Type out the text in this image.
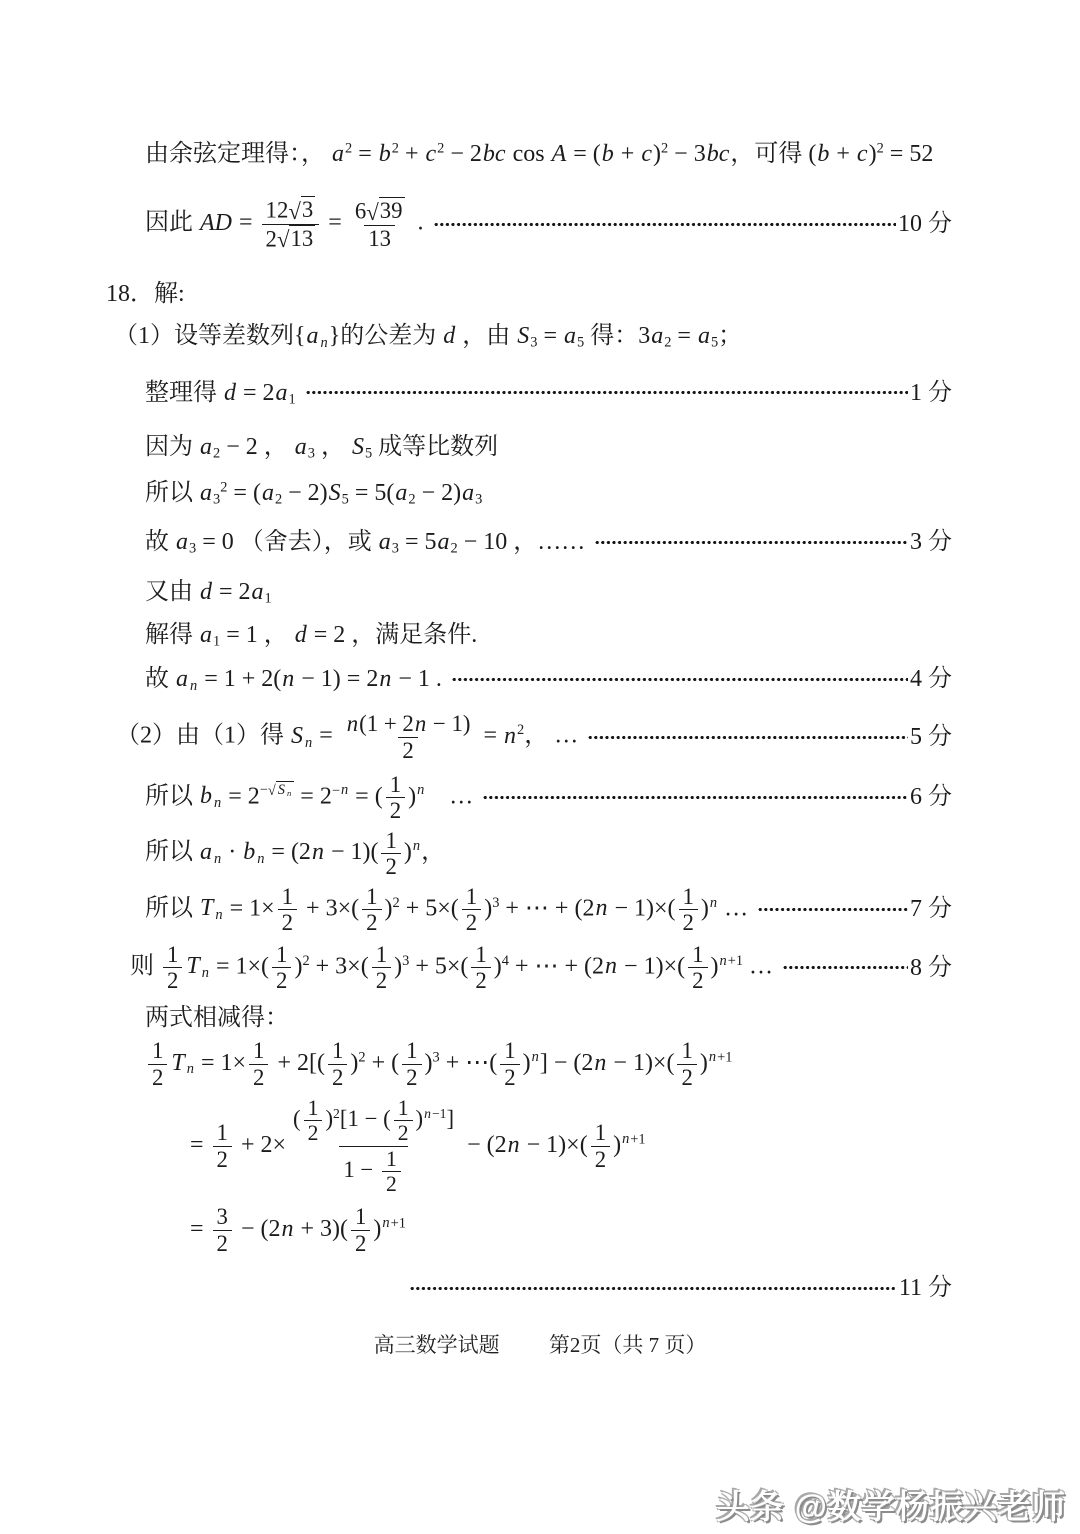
由余弦定理得：， $a^2 = b^2 + c^2 - 2bc$ $\cos A = (b + c)^2 - 3bc$，可得 $(b + c)^2 = 52$
因此 AD = $\frac{12 √ 3}{2 √ 13} = \frac{6 √ 39}{13}$ .	10 分
18．解:
（1）设等差数列{a $_n$}的公差为 d ，由 $S_3 = a_5$ 得：$3a_2 = a_5$；
整理得 $d = 2a_1$	1 分
因为 $a_2 - 2$ ， $a_3$ ， $S_5$ 成等比数列
所以 $a_3^2 = (a_2 - 2)S_5 = 5(a_2 - 2)a_3$
故 $a_3 = 0$ （舍去），或 $a_3 = 5a_2 - 10$ ，……	3 分
又由 $d = 2a_1$
解得 $a_1 = 1$ ， d = 2 ，满足条件.
故 a $_n$ = 1 + 2(n − 1) = 2n − 1 .	4 分
（2）由（1）得 S $_n = \frac{n(1 + 2n - 1)}{2} = n^2$， …	5 分
所以 b $_n = 2^{- √ S _n} = 2^{-n}$ = ( $\frac{1}{2} )^n$　…	6 分
所以 a $_n$ · b $_n = (2n - 1)( \frac{1}{2} )^n$，
所以 T $_n = 1\times \frac{1}{2} + 3\times( \frac{1}{2} )^2 + 5\times( \frac{1}{2} )^3$ + ⋯ + $(2n - 1)\times( \frac{1}{2} )^n$ …	7 分
则 $\frac{1}{2}$ T $_n = 1\times( \frac{1}{2} )^2 + 3\times( \frac{1}{2} )^3 + 5\times( \frac{1}{2} )^4$ + ⋯ + $(2n - 1)\times( \frac{1}{2} )^{n+1}$ …	8 分
两式相减得：
$\frac{1}{2}$ T $_n = 1\times \frac{1}{2} + 2[( \frac{1}{2} )^2$ + ( $\frac{1}{2} )^3$ + ⋯( $\frac{1}{2} )^n] - (2n - 1)\times( \frac{1}{2} )^{n+1}$
= $\frac{1}{2} + 2\times \frac{( \frac{1}{2} )^2[1 - ( \frac{1}{2} )^{n-1}]}{1 - \frac{1}{2}} - (2n - 1)\times( \frac{1}{2} )^{n+1}$
= $\frac{3}{2} - (2n + 3)( \frac{1}{2} )^{n+1}$
11 分
高三数学试题 第2页（共 7 页）
头条 @数学杨振兴老师
